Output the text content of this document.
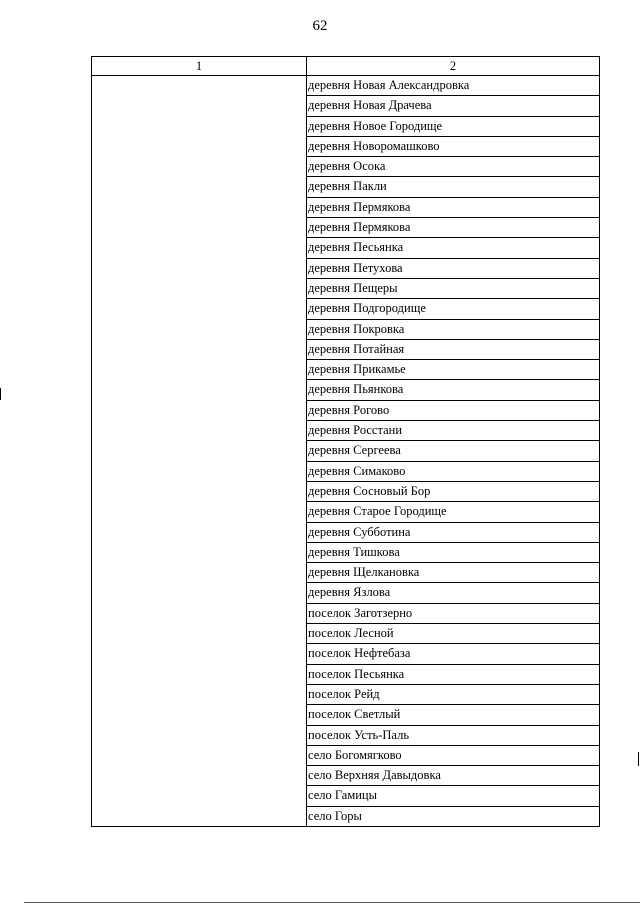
62
1	2
	деревня Новая Александровка
	деревня Новая Драчева
	деревня Новое Городище
	деревня Новоромашково
	деревня Осока
	деревня Пакли
	деревня Пермякова
	деревня Пермякова
	деревня Песьянка
	деревня Петухова
	деревня Пещеры
	деревня Подгородище
	деревня Покровка
	деревня Потайная
	деревня Прикамье
	деревня Пьянкова
	деревня Рогово
	деревня Росстани
	деревня Сергеева
	деревня Симаково
	деревня Сосновый Бор
	деревня Старое Городище
	деревня Субботина
	деревня Тишкова
	деревня Щелкановка
	деревня Язлова
	поселок Заготзерно
	поселок Лесной
	поселок Нефтебаза
	поселок Песьянка
	поселок Рейд
	поселок Светлый
	поселок Усть-Паль
	село Богомягково
	село Верхняя Давыдовка
	село Гамицы
	село Горы
